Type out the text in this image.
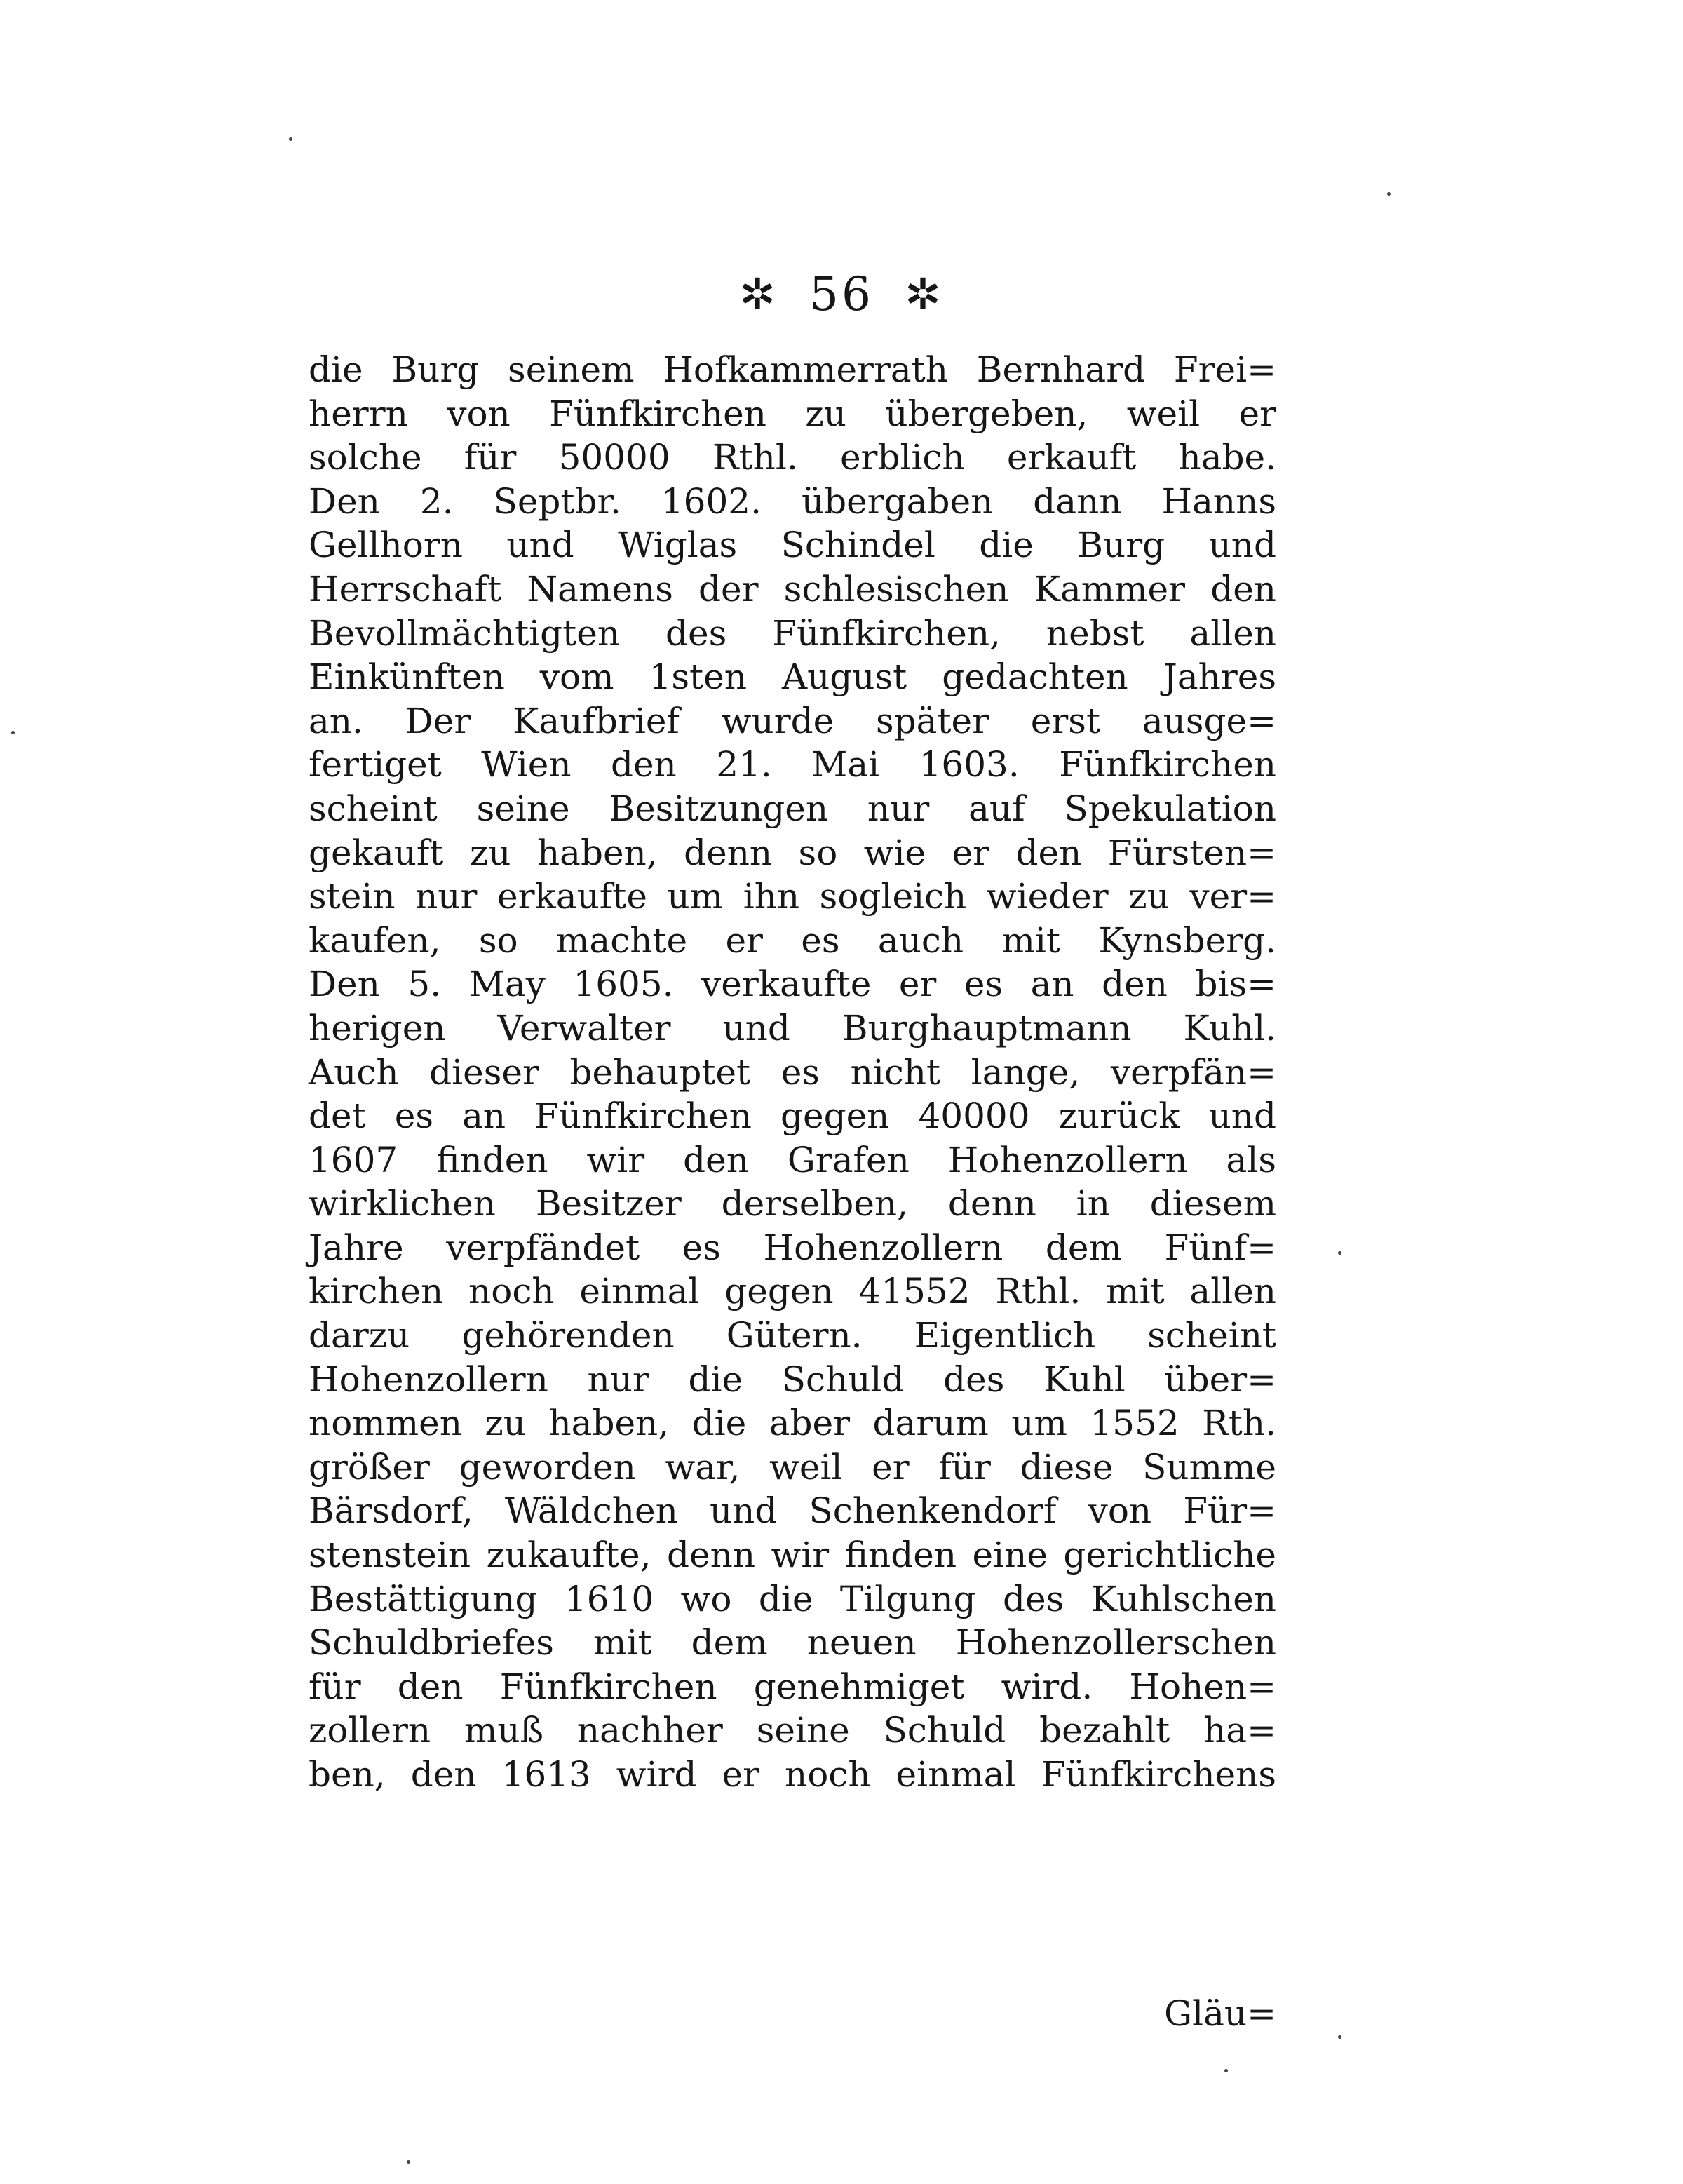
✲ 56 ✲
die Burg seinem Hofkammerrath Bernhard Frei=
herrn von Fünfkirchen zu übergeben, weil er
solche für 50000 Rthl. erblich erkauft habe.
Den 2. Septbr. 1602. übergaben dann Hanns
Gellhorn und Wiglas Schindel die Burg und
Herrschaft Namens der schlesischen Kammer den
Bevollmächtigten des Fünfkirchen, nebst allen
Einkünften vom 1sten August gedachten Jahres
an. Der Kaufbrief wurde später erst ausge=
fertiget Wien den 21. Mai 1603. Fünfkirchen
scheint seine Besitzungen nur auf Spekulation
gekauft zu haben, denn so wie er den Fürsten=
stein nur erkaufte um ihn sogleich wieder zu ver=
kaufen, so machte er es auch mit Kynsberg.
Den 5. May 1605. verkaufte er es an den bis=
herigen Verwalter und Burghauptmann Kuhl.
Auch dieser behauptet es nicht lange, verpfän=
det es an Fünfkirchen gegen 40000 zurück und
1607 finden wir den Grafen Hohenzollern als
wirklichen Besitzer derselben, denn in diesem
Jahre verpfändet es Hohenzollern dem Fünf=
kirchen noch einmal gegen 41552 Rthl. mit allen
darzu gehörenden Gütern. Eigentlich scheint
Hohenzollern nur die Schuld des Kuhl über=
nommen zu haben, die aber darum um 1552 Rth.
größer geworden war, weil er für diese Summe
Bärsdorf, Wäldchen und Schenkendorf von Für=
stenstein zukaufte, denn wir finden eine gerichtliche
Bestättigung 1610 wo die Tilgung des Kuhlschen
Schuldbriefes mit dem neuen Hohenzollerschen
für den Fünfkirchen genehmiget wird. Hohen=
zollern muß nachher seine Schuld bezahlt ha=
ben, den 1613 wird er noch einmal Fünfkirchens
Gläu=
